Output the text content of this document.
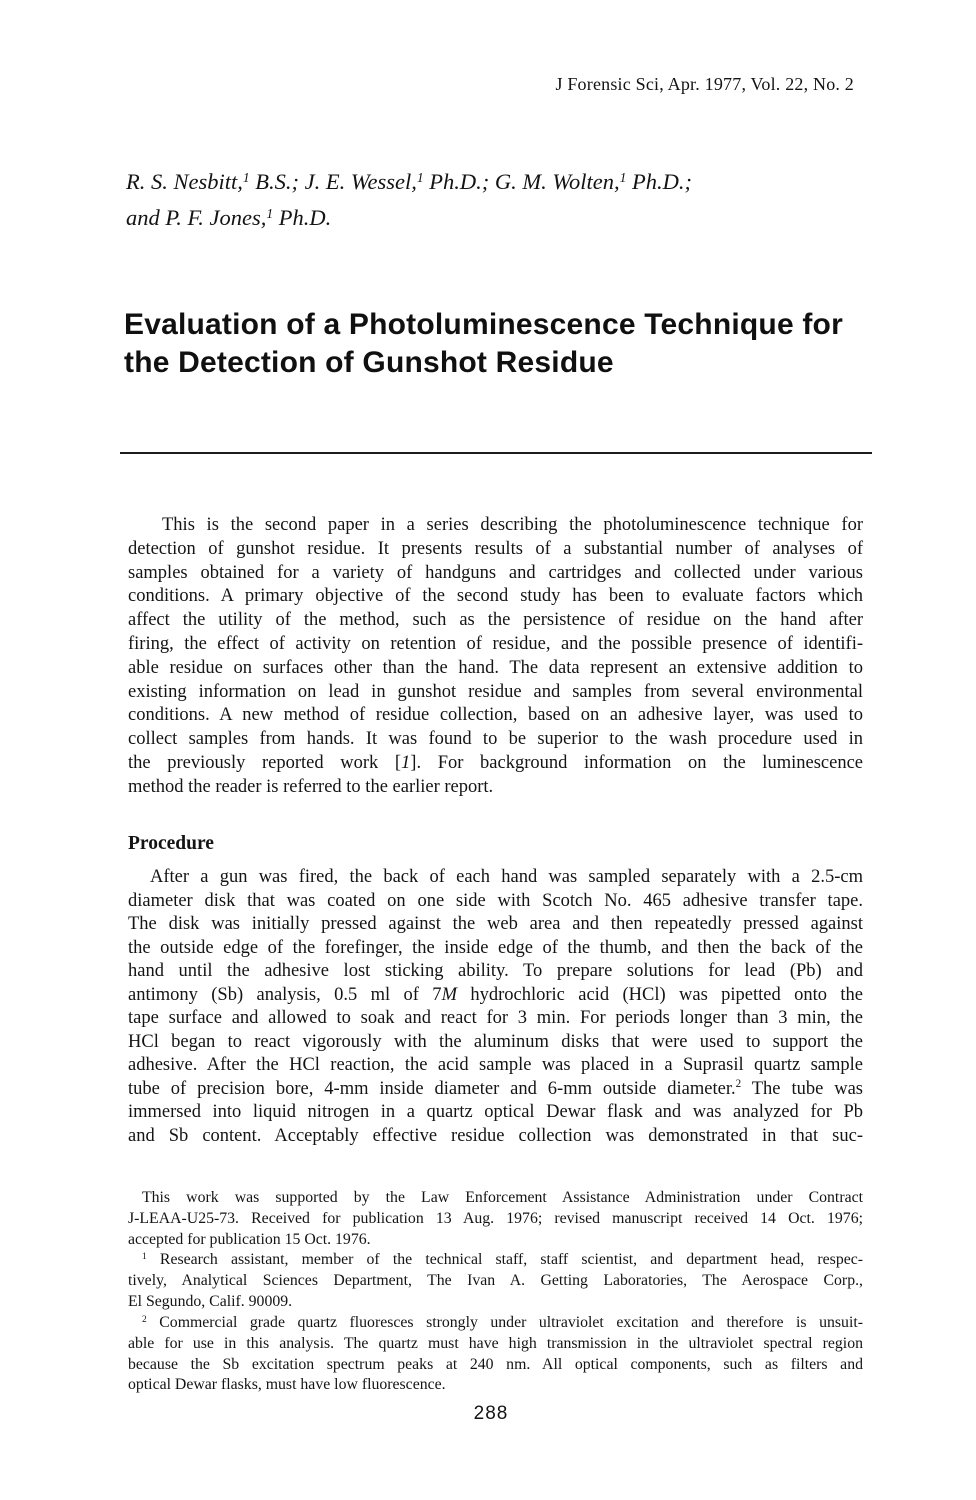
J Forensic Sci, Apr. 1977, Vol. 22, No. 2
R. S. Nesbitt,$^1$ B.S.; J. E. Wessel,$^1$ Ph.D.; G. M. Wolten,$^1$ Ph.D.;
and P. F. Jones,$^1$ Ph.D.
Evaluation of a Photoluminescence Technique for
the Detection of Gunshot Residue
This is the second paper in a series describing the photoluminescence technique for
detection of gunshot residue. It presents results of a substantial number of analyses of
samples obtained for a variety of handguns and cartridges and collected under various
conditions. A primary objective of the second study has been to evaluate factors which
affect the utility of the method, such as the persistence of residue on the hand after
firing, the effect of activity on retention of residue, and the possible presence of identifi-
able residue on surfaces other than the hand. The data represent an extensive addition to
existing information on lead in gunshot residue and samples from several environmental
conditions. A new method of residue collection, based on an adhesive layer, was used to
collect samples from hands. It was found to be superior to the wash procedure used in
the previously reported work [1]. For background information on the luminescence
method the reader is referred to the earlier report.
Procedure
After a gun was fired, the back of each hand was sampled separately with a 2.5-cm
diameter disk that was coated on one side with Scotch No. 465 adhesive transfer tape.
The disk was initially pressed against the web area and then repeatedly pressed against
the outside edge of the forefinger, the inside edge of the thumb, and then the back of the
hand until the adhesive lost sticking ability. To prepare solutions for lead (Pb) and
antimony (Sb) analysis, 0.5 ml of 7M hydrochloric acid (HCl) was pipetted onto the
tape surface and allowed to soak and react for 3 min. For periods longer than 3 min, the
HCl began to react vigorously with the aluminum disks that were used to support the
adhesive. After the HCl reaction, the acid sample was placed in a Suprasil quartz sample
tube of precision bore, 4-mm inside diameter and 6-mm outside diameter.$^2$ The tube was
immersed into liquid nitrogen in a quartz optical Dewar flask and was analyzed for Pb
and Sb content. Acceptably effective residue collection was demonstrated in that suc-
This work was supported by the Law Enforcement Assistance Administration under Contract
J-LEAA-U25-73. Received for publication 13 Aug. 1976; revised manuscript received 14 Oct. 1976;
accepted for publication 15 Oct. 1976.
$^1$ Research assistant, member of the technical staff, staff scientist, and department head, respec-
tively, Analytical Sciences Department, The Ivan A. Getting Laboratories, The Aerospace Corp.,
El Segundo, Calif. 90009.
$^2$ Commercial grade quartz fluoresces strongly under ultraviolet excitation and therefore is unsuit-
able for use in this analysis. The quartz must have high transmission in the ultraviolet spectral region
because the Sb excitation spectrum peaks at 240 nm. All optical components, such as filters and
optical Dewar flasks, must have low fluorescence.
288
